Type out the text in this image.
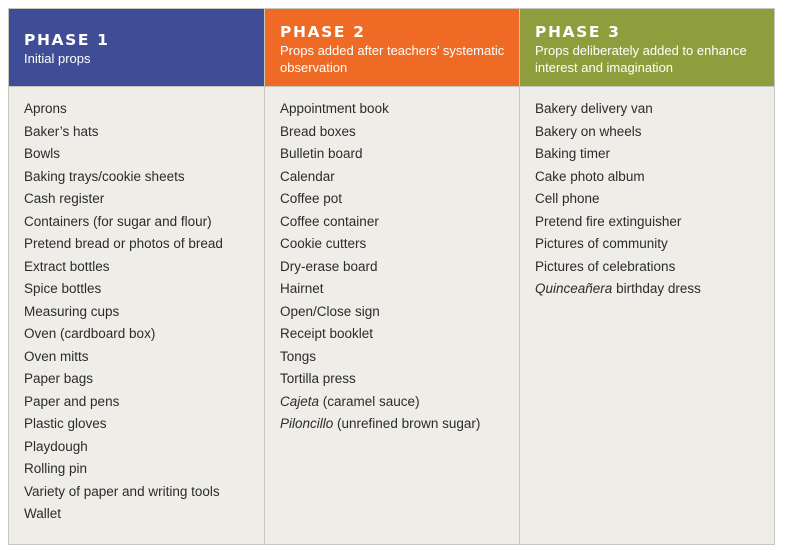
PHASE 1
Initial props
Aprons
Baker’s hats
Bowls
Baking trays/cookie sheets
Cash register
Containers (for sugar and flour)
Pretend bread or photos of bread
Extract bottles
Spice bottles
Measuring cups
Oven (cardboard box)
Oven mitts
Paper bags
Paper and pens
Plastic gloves
Playdough
Rolling pin
Variety of paper and writing tools
Wallet
PHASE 2
Props added after teachers’ systematic observation
Appointment book
Bread boxes
Bulletin board
Calendar
Coffee pot
Coffee container
Cookie cutters
Dry-erase board
Hairnet
Open/Close sign
Receipt booklet
Tongs
Tortilla press
Cajeta (caramel sauce)
Piloncillo (unrefined brown sugar)
PHASE 3
Props deliberately added to enhance interest and imagination
Bakery delivery van
Bakery on wheels
Baking timer
Cake photo album
Cell phone
Pretend fire extinguisher
Pictures of community
Pictures of celebrations
Quinceañera birthday dress
